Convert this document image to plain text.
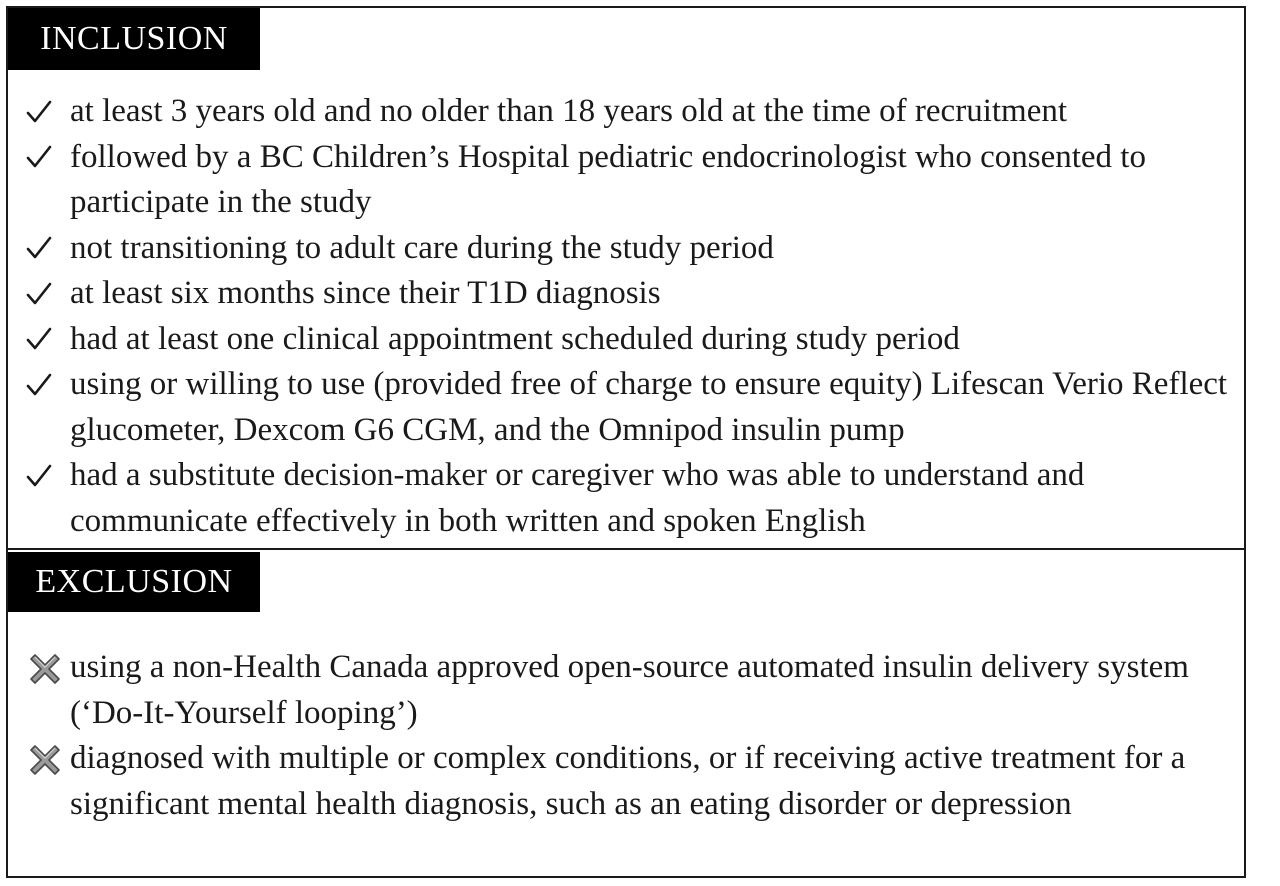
INCLUSION
at least 3 years old and no older than 18 years old at the time of recruitment
followed by a BC Children’s Hospital pediatric endocrinologist who consented to participate in the study
not transitioning to adult care during the study period
at least six months since their T1D diagnosis
had at least one clinical appointment scheduled during study period
using or willing to use (provided free of charge to ensure equity) Lifescan Verio Reflect glucometer, Dexcom G6 CGM, and the Omnipod insulin pump
had a substitute decision-maker or caregiver who was able to understand and communicate effectively in both written and spoken English
EXCLUSION
using a non-Health Canada approved open-source automated insulin delivery system (‘Do-It-Yourself looping’)
diagnosed with multiple or complex conditions, or if receiving active treatment for a significant mental health diagnosis, such as an eating disorder or depression
